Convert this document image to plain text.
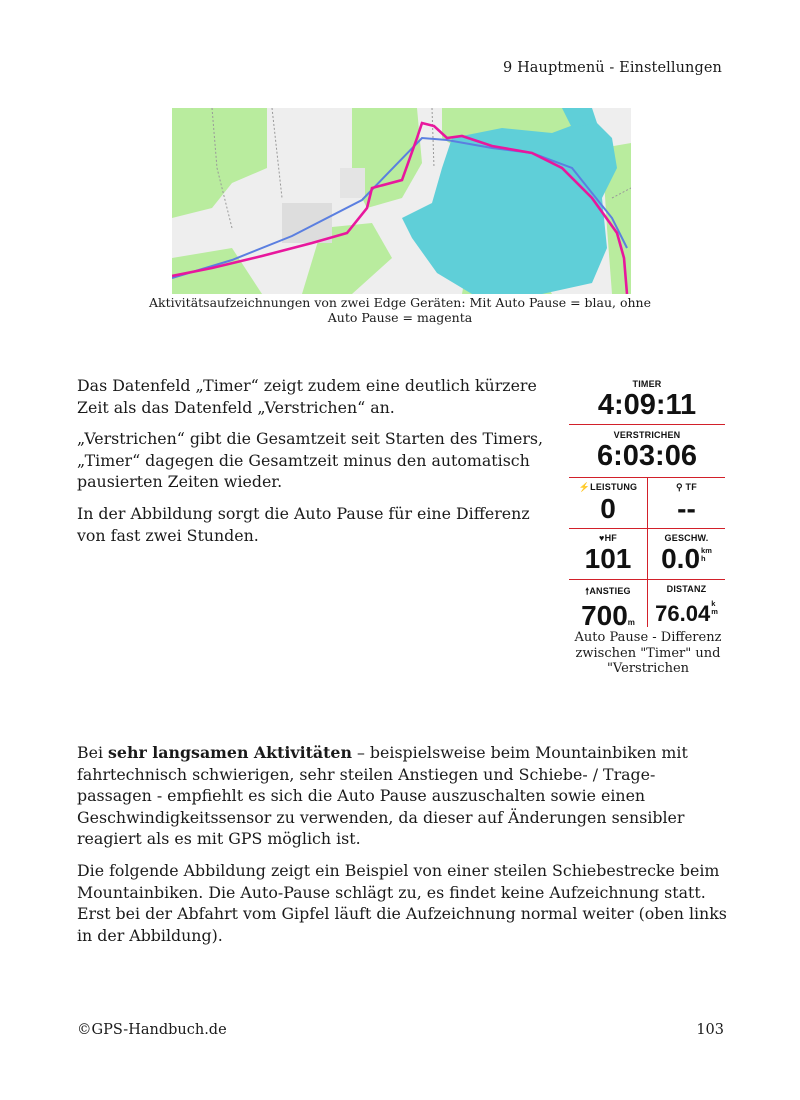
9 Hauptmenü - Einstellungen
Aktivitätsaufzeichnungen von zwei Edge Geräten: Mit Auto Pause = blau, ohne Auto Pause = magenta

Das Datenfeld „Timer“ zeigt zudem eine deutlich kürzere Zeit als das Datenfeld „Verstrichen“ an.

„Verstrichen“ gibt die Gesamtzeit seit Starten des Timers, „Timer“ dagegen die Gesamtzeit minus den automatisch pausierten Zeiten wieder.

In der Abbildung sorgt die Auto Pause für eine Differenz von fast zwei Stunden.

TIMER
4:09:11
VERSTRICHEN
6:03:06
⚡LEISTUNG
0
⚲ TF
--
♥HF
101
GESCHW.
0.0km
h
🠕ANSTIEG
700m
DISTANZ
76.04k
m
Auto Pause - Differenz zwischen "Timer" und "Verstrichen

Bei sehr langsamen Aktivitäten – beispielsweise beim Mountainbiken mit fahrtechnisch schwierigen, sehr steilen Anstiegen und Schiebe- / Trage-passagen - empfiehlt es sich die Auto Pause auszuschalten sowie einen Geschwindigkeitssensor zu verwenden, da dieser auf Änderungen sensibler reagiert als es mit GPS möglich ist.

Die folgende Abbildung zeigt ein Beispiel von einer steilen Schiebestrecke beim Mountainbiken. Die Auto-Pause schlägt zu, es findet keine Aufzeichnung statt. Erst bei der Abfahrt vom Gipfel läuft die Aufzeichnung normal weiter (oben links in der Abbildung).

©GPS-Handbuch.de	103
